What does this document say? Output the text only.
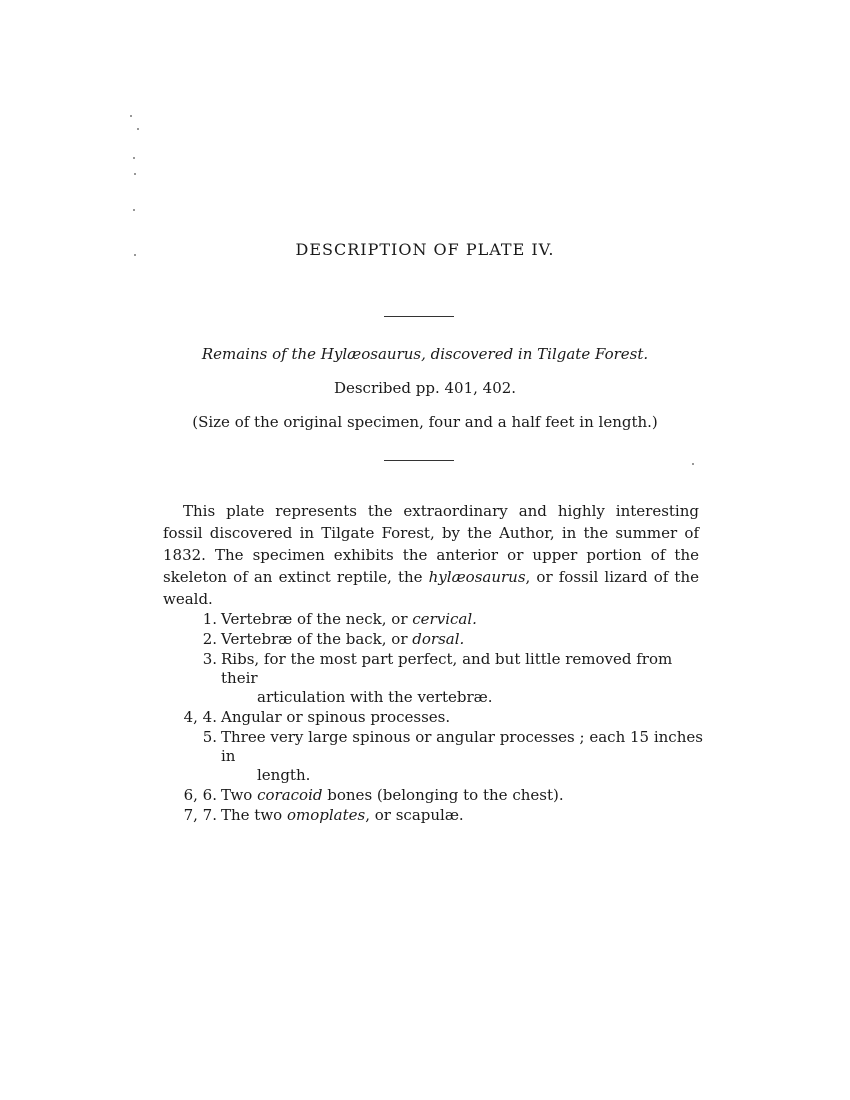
DESCRIPTION OF PLATE IV.
Remains of the Hylæosaurus, discovered in Tilgate Forest.
Described pp. 401, 402.
(Size of the original specimen, four and a half feet in length.)
This plate represents the extraordinary and highly interesting fossil discovered in Tilgate Forest, by the Author, in the summer of 1832. The specimen exhibits the anterior or upper portion of the skeleton of an extinct reptile, the hylæosaurus, or fossil lizard of the weald.
1. Vertebræ of the neck, or cervical.
2. Vertebræ of the back, or dorsal.
3. Ribs, for the most part perfect, and but little removed from their
articulation with the vertebræ.
4, 4. Angular or spinous processes.
5. Three very large spinous or angular processes ; each 15 inches in
length.
6, 6. Two coracoid bones (belonging to the chest).
7, 7. The two omoplates, or scapulæ.
